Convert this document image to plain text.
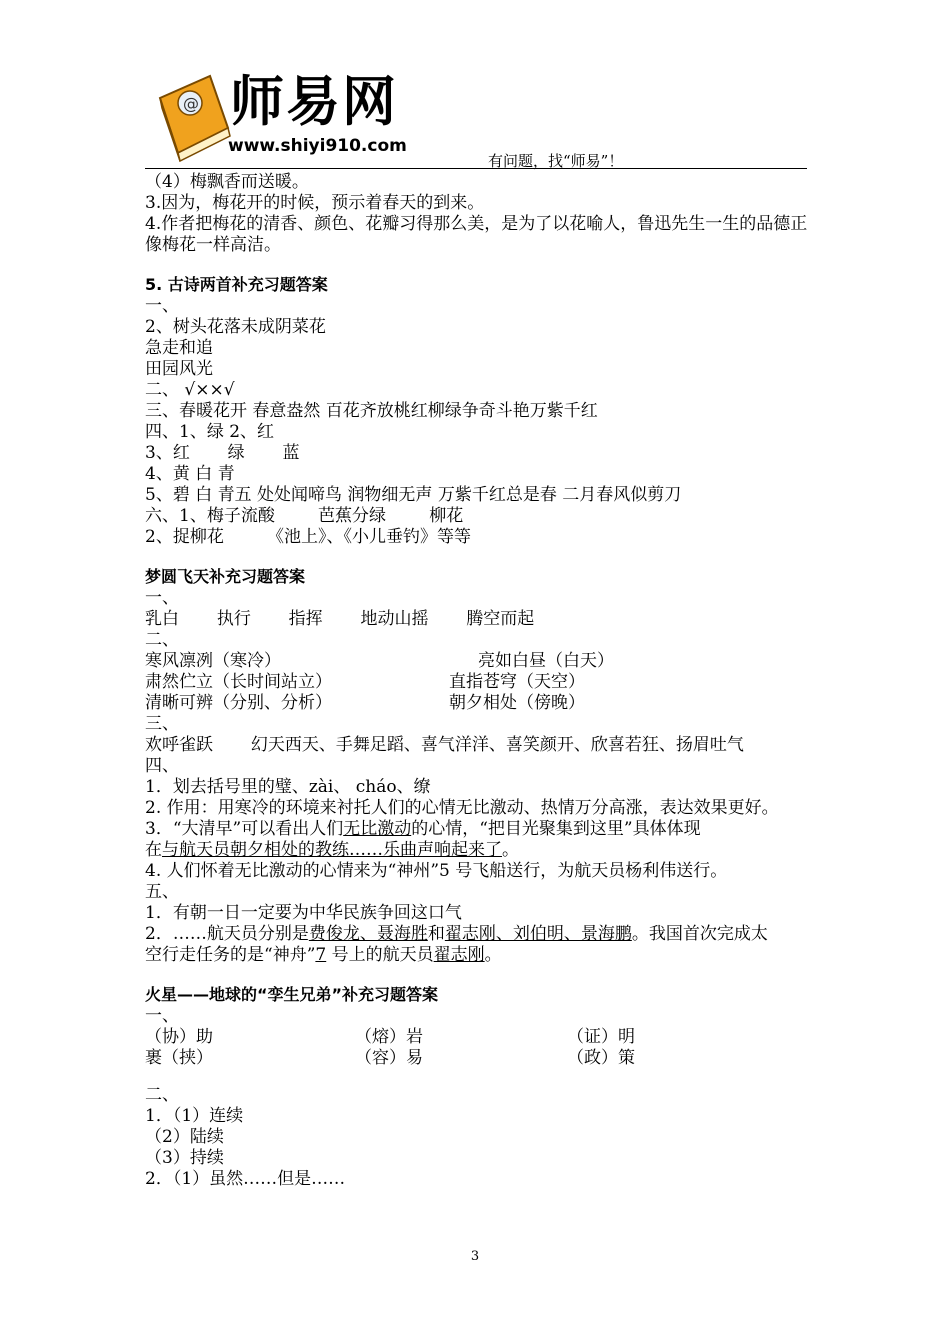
@ 师易网
www.shiyi910.com
有问题，找“师易”！
（4）梅飘香而送暖。
3.因为，梅花开的时候，预示着春天的到来。
4.作者把梅花的清香、颜色、花瓣习得那么美，是为了以花喻人，鲁迅先生一生的品德正像梅花一样高洁。
5. 古诗两首补充习题答案
一、
2、树头花落未成阴菜花
急走和追
田园风光
二、 √××√
三、春暖花开 春意盎然 百花齐放桃红柳绿争奇斗艳万紫千红
四、1、绿 2、红
3、红       绿       蓝
4、黄 白 青
5、碧 白 青五 处处闻啼鸟 润物细无声 万紫千红总是春 二月春风似剪刀
六、1、梅子流酸        芭蕉分绿        柳花
2、捉柳花        《池上》、《小儿垂钓》等等
梦圆飞天补充习题答案
一、
乳白       执行       指挥       地动山摇       腾空而起
二、
寒风凛冽（寒冷）	亮如白昼（白天）
肃然伫立（长时间站立）	直指苍穹（天空）
清晰可辨（分别、分析）	朝夕相处（傍晚）
三、
欢呼雀跃       幻天西天、手舞足蹈、喜气洋洋、喜笑颜开、欣喜若狂、扬眉吐气
四、
1．划去括号里的璧、zài、 cháo、缭
2. 作用：用寒冷的环境来衬托人们的心情无比激动、热情万分高涨，表达效果更好。
3．“大清早”可以看出人们无比激动的心情，“把目光聚集到这里”具体体现
在与航天员朝夕相处的教练……乐曲声响起来了。
4. 人们怀着无比激动的心情来为“神州”5 号飞船送行，为航天员杨利伟送行。
五、
1．有朝一日一定要为中华民族争回这口气
2．……航天员分别是费俊龙、聂海胜和翟志刚、刘伯明、景海鹏。我国首次完成太
空行走任务的是“神舟”7 号上的航天员翟志刚。
火星——地球的“孪生兄弟”补充习题答案
一、
（协）助	（熔）岩	（证）明
裹（挟）	（容）易	（政）策
二、
1．（1）连续
（2）陆续
（3）持续
2．（1）虽然……但是……
3
